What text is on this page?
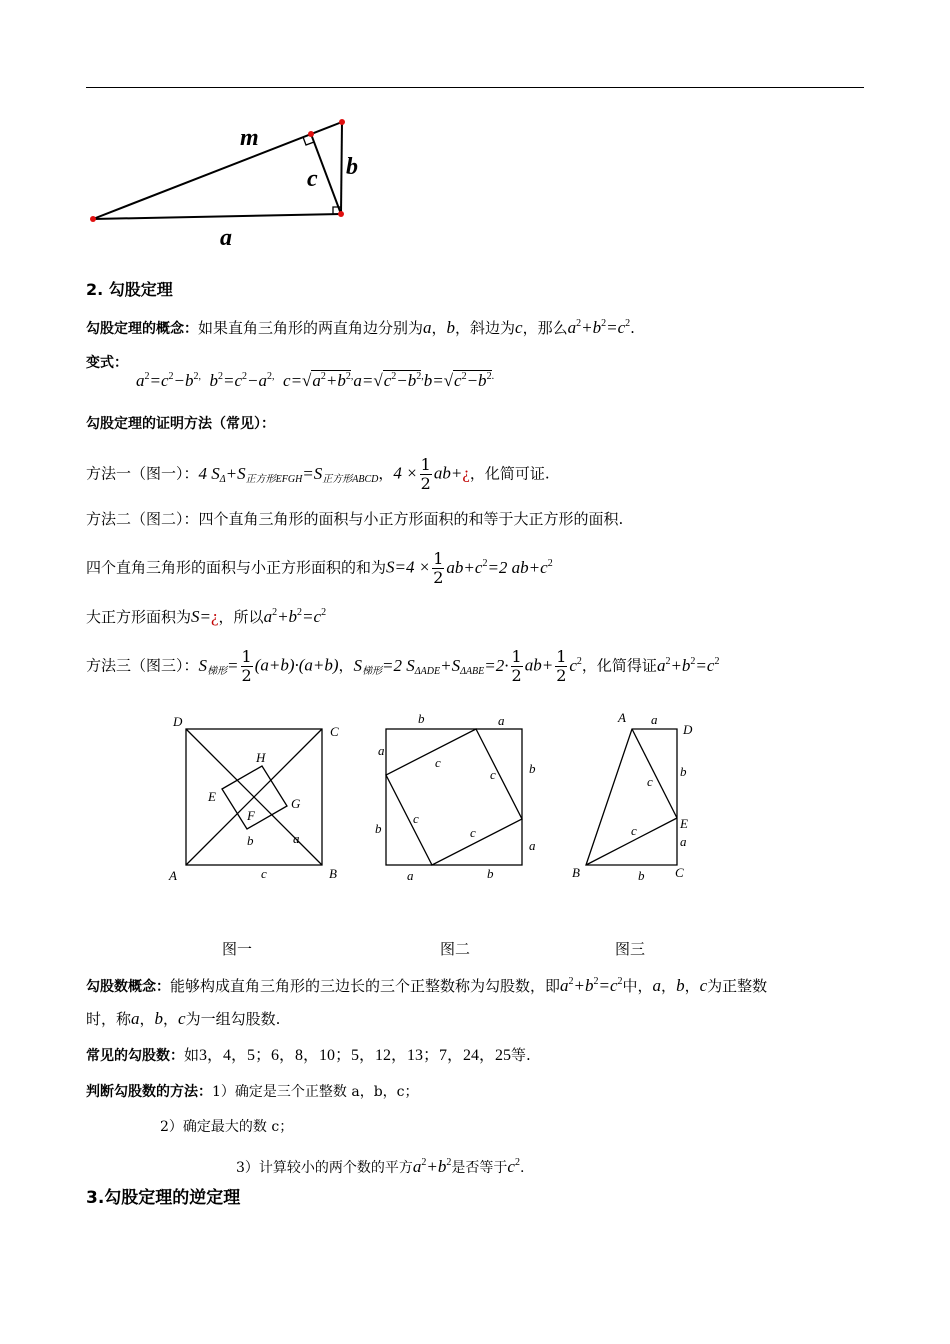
m
c b
a
2. 勾股定理
勾股定理的概念：如果直角三角形的两直角边分别为a，b，斜边为c，那么$a^2+b^2=c^2$.
变式：
$a^2=c^2-b^{2,}$  $b^2=c^2-a^{2,}$  $c=√a^2+b^{2,}a=√c^2-b^{2,}b=√c^2-b^{2.}$
勾股定理的证明方法（常见）：
方法一（图一）：4 $S_\Delta+S_{正方形EFGH}=S_{正方形ABCD}$，$4 \times \frac{1}{2}$ ab+¿，化简可证.
方法二（图二）：四个直角三角形的面积与小正方形面积的和等于大正方形的面积.
四个直角三角形的面积与小正方形面积的和为$S=4 \times \frac{1}{2} ab+c^2=2$ $ab+c^2$
大正方形面积为S=¿，所以$a^2+b^2=c^2$
方法三（图三）：$S_{梯形}= \frac{1}{2} (a+b)\cdot(a+b)$，$S_{梯形}=2$ $S_{\Delta ADE}+S_{\Delta ABE}=2\cdot \frac{1}{2} ab+ \frac{1}{2} c^2$，化简得证$a^2+b^2=c^2$
D
C
A	B
H
E	G
F
b	a
c
b	a
a
b
b
a
a	b
c
c
c
c
A a
D
b
c
E
c
a
B	b C
图一	图二	图三
勾股数概念：能够构成直角三角形的三边长的三个正整数称为勾股数，即$a^2+b^2=c^2$中，a，b，c为正整数
时，称a，b，c为一组勾股数.
常见的勾股数：如3，4，5；6，8，10；5，12，13；7，24，25等.
判断勾股数的方法：1）确定是三个正整数 a，b，c；
2）确定最大的数 c；
3）计算较小的两个数的平方$a^2+b^2$是否等于$c^2$.
3.勾股定理的逆定理
